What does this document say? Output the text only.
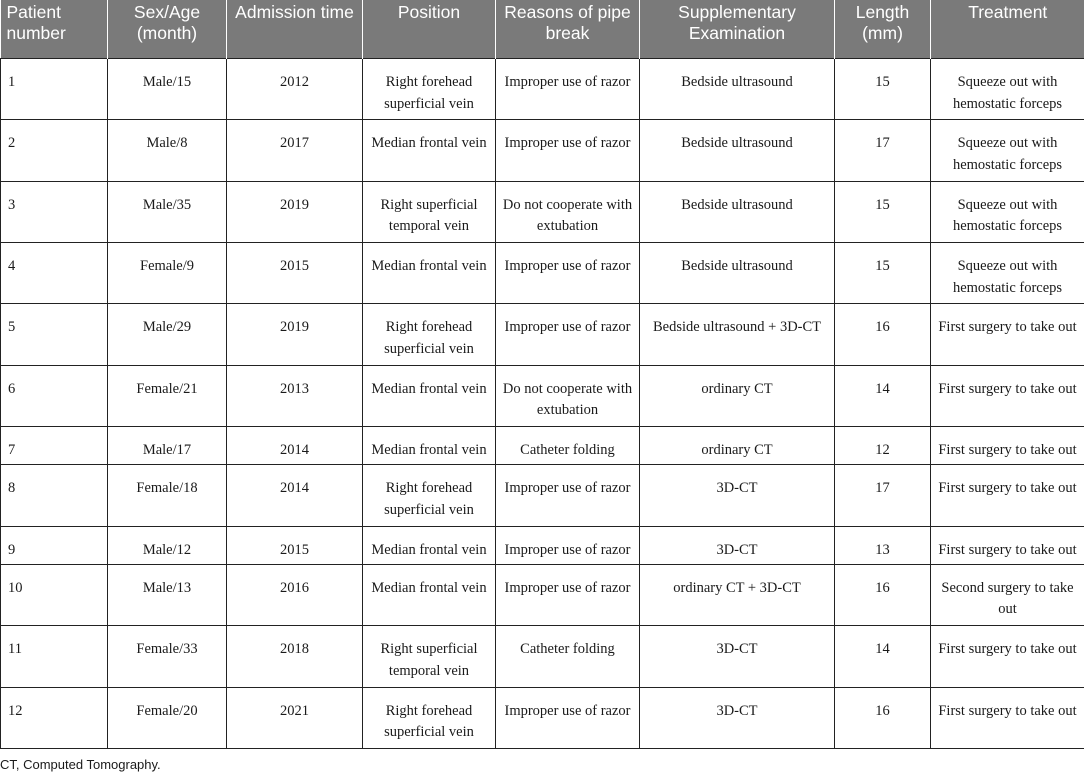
Patient number	Sex/Age (month)	Admission time	Position	Reasons of pipe break	Supplementary Examination	Length (mm)	Treatment
1	Male/15	2012	Right forehead superficial vein	Improper use of razor	Bedside ultrasound	15	Squeeze out with hemostatic forceps
2	Male/8	2017	Median frontal vein	Improper use of razor	Bedside ultrasound	17	Squeeze out with hemostatic forceps
3	Male/35	2019	Right superficial temporal vein	Do not cooperate with extubation	Bedside ultrasound	15	Squeeze out with hemostatic forceps
4	Female/9	2015	Median frontal vein	Improper use of razor	Bedside ultrasound	15	Squeeze out with hemostatic forceps
5	Male/29	2019	Right forehead superficial vein	Improper use of razor	Bedside ultrasound + 3D-CT	16	First surgery to take out
6	Female/21	2013	Median frontal vein	Do not cooperate with extubation	ordinary CT	14	First surgery to take out
7	Male/17	2014	Median frontal vein	Catheter folding	ordinary CT	12	First surgery to take out
8	Female/18	2014	Right forehead superficial vein	Improper use of razor	3D-CT	17	First surgery to take out
9	Male/12	2015	Median frontal vein	Improper use of razor	3D-CT	13	First surgery to take out
10	Male/13	2016	Median frontal vein	Improper use of razor	ordinary CT + 3D-CT	16	Second surgery to take out
11	Female/33	2018	Right superficial temporal vein	Catheter folding	3D-CT	14	First surgery to take out
12	Female/20	2021	Right forehead superficial vein	Improper use of razor	3D-CT	16	First surgery to take out
CT, Computed Tomography.
